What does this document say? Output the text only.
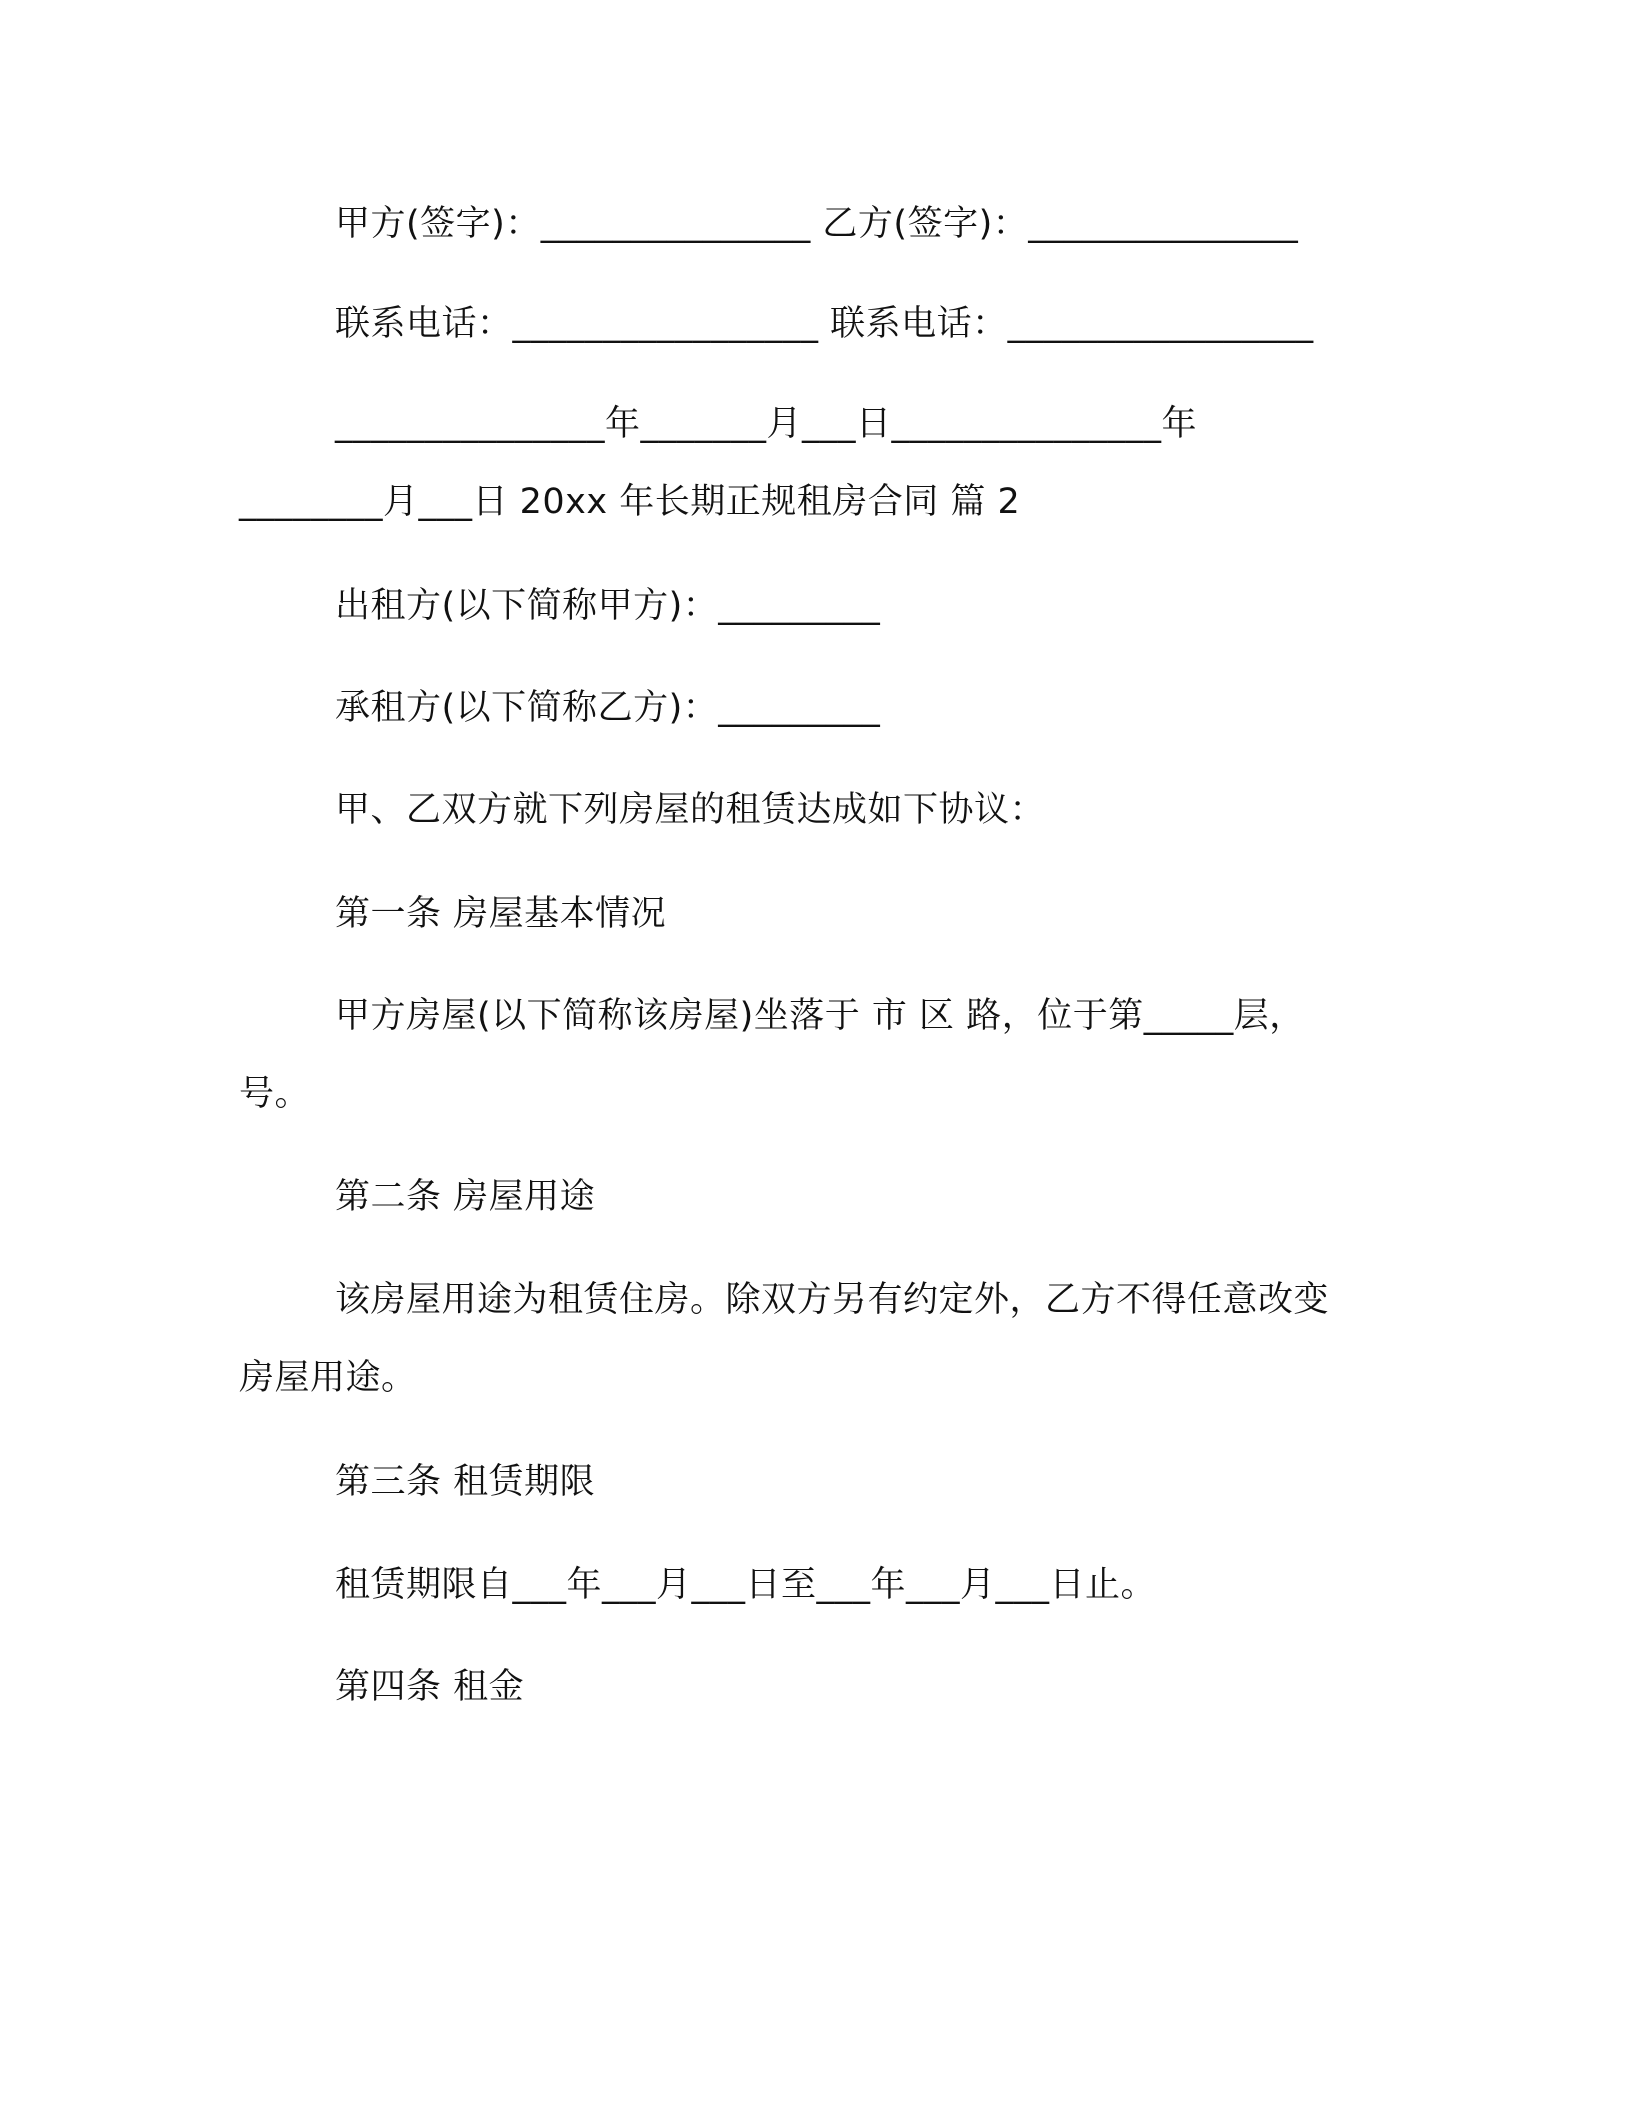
甲方(签字)：_______________ 乙方(签字)：_______________
联系电话：_________________ 联系电话：_________________
_______________年_______月___日_______________年
________月___日 20xx 年长期正规租房合同 篇 2
出租方(以下简称甲方)：_________
承租方(以下简称乙方)：_________
甲、乙双方就下列房屋的租赁达成如下协议：
第一条 房屋基本情况
甲方房屋(以下简称该房屋)坐落于 市 区 路，位于第_____层，
号。
第二条 房屋用途
该房屋用途为租赁住房。除双方另有约定外，乙方不得任意改变
房屋用途。
第三条 租赁期限
租赁期限自___年___月___日至___年___月___日止。
第四条 租金
